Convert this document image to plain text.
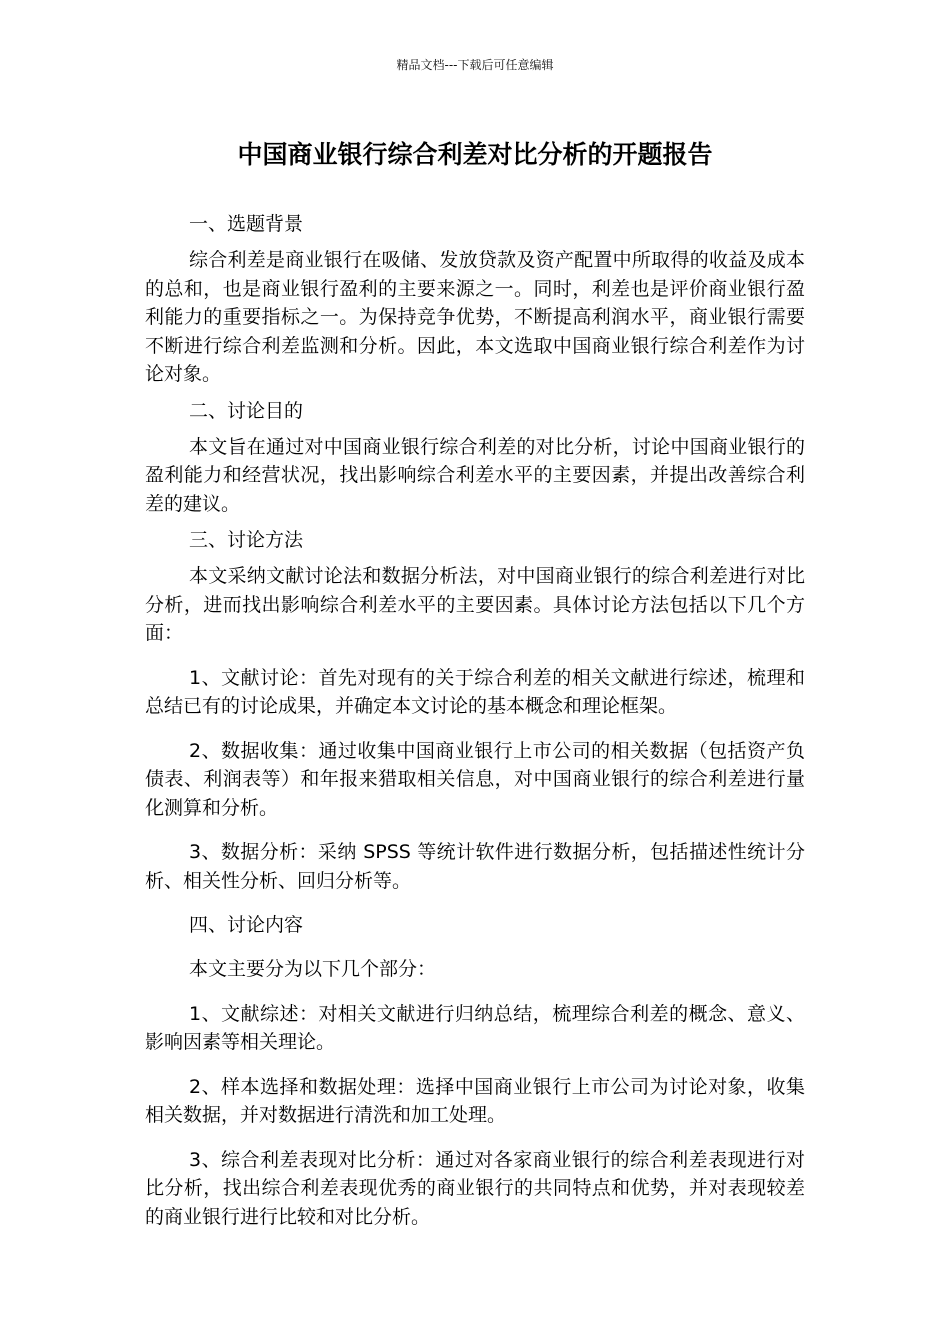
精品文档---下载后可任意编辑
中国商业银行综合利差对比分析的开题报告

一、选题背景

综合利差是商业银行在吸储、发放贷款及资产配置中所取得的收益及成本的总和，也是商业银行盈利的主要来源之一。同时，利差也是评价商业银行盈利能力的重要指标之一。为保持竞争优势，不断提高利润水平，商业银行需要不断进行综合利差监测和分析。因此，本文选取中国商业银行综合利差作为讨论对象。

二、讨论目的

本文旨在通过对中国商业银行综合利差的对比分析，讨论中国商业银行的盈利能力和经营状况，找出影响综合利差水平的主要因素，并提出改善综合利差的建议。

三、讨论方法

本文采纳文献讨论法和数据分析法，对中国商业银行的综合利差进行对比分析，进而找出影响综合利差水平的主要因素。具体讨论方法包括以下几个方面：

1、文献讨论：首先对现有的关于综合利差的相关文献进行综述，梳理和总结已有的讨论成果，并确定本文讨论的基本概念和理论框架。

2、数据收集：通过收集中国商业银行上市公司的相关数据（包括资产负债表、利润表等）和年报来猎取相关信息，对中国商业银行的综合利差进行量化测算和分析。

3、数据分析：采纳 SPSS 等统计软件进行数据分析，包括描述性统计分析、相关性分析、回归分析等。

四、讨论内容

本文主要分为以下几个部分：

1、文献综述：对相关文献进行归纳总结，梳理综合利差的概念、意义、影响因素等相关理论。

2、样本选择和数据处理：选择中国商业银行上市公司为讨论对象，收集相关数据，并对数据进行清洗和加工处理。

3、综合利差表现对比分析：通过对各家商业银行的综合利差表现进行对比分析，找出综合利差表现优秀的商业银行的共同特点和优势，并对表现较差的商业银行进行比较和对比分析。
